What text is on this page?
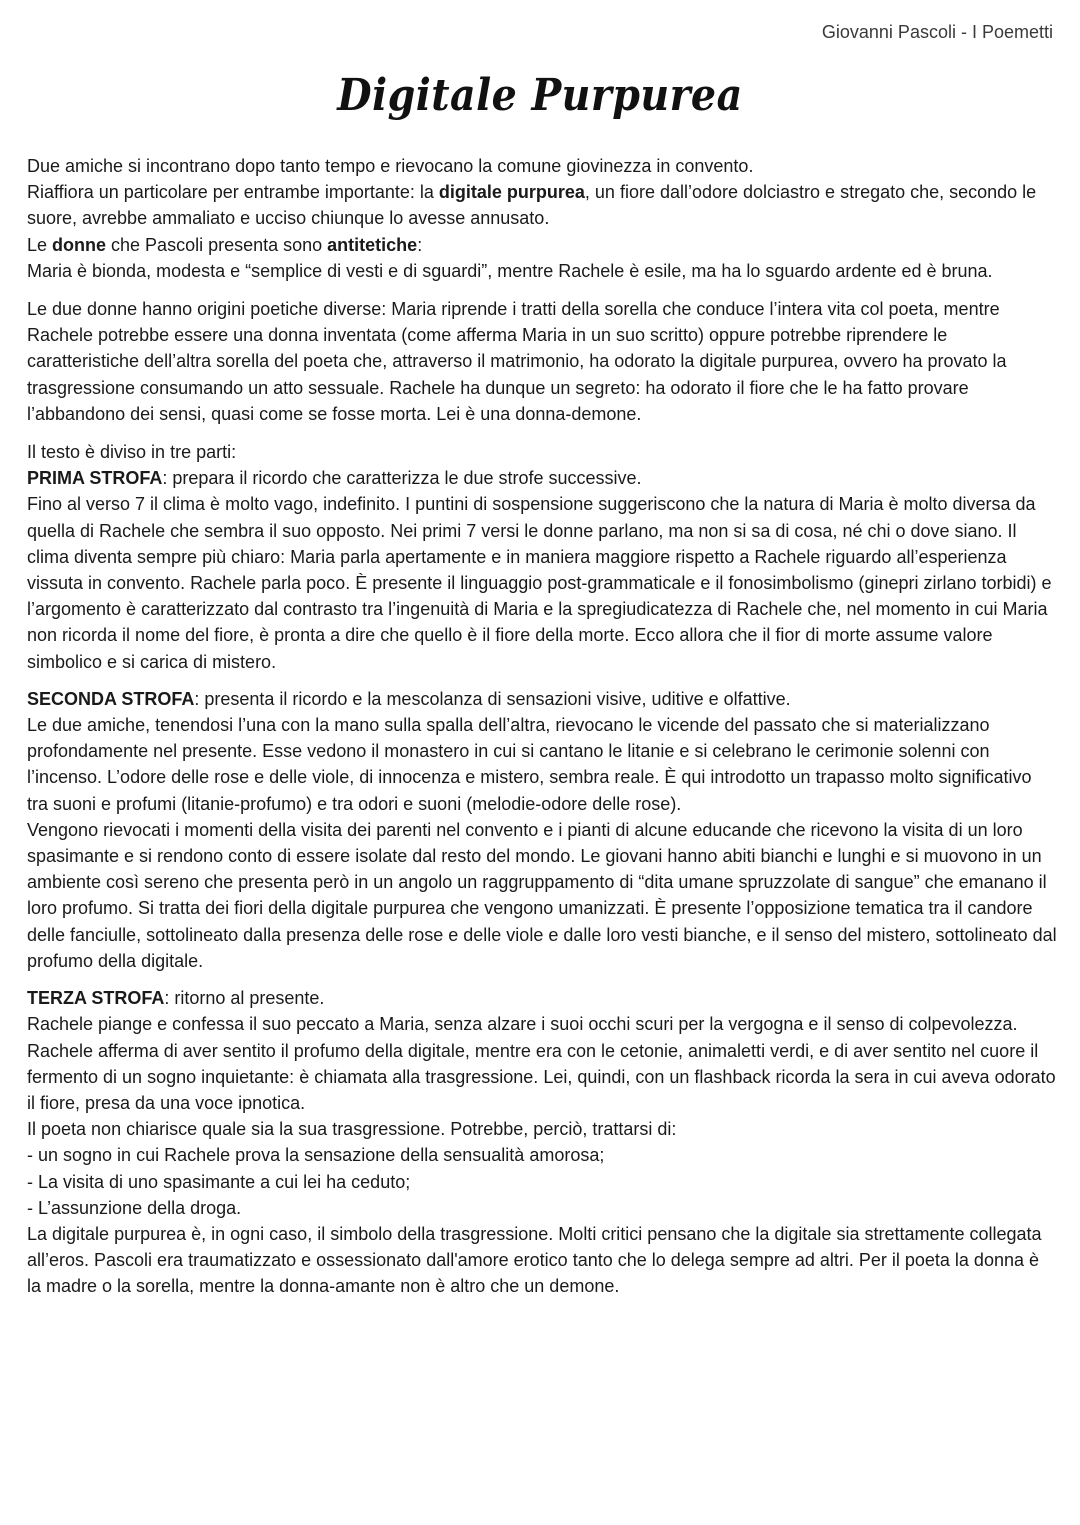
Giovanni Pascoli - I Poemetti
Digitale Purpurea

Due amiche si incontrano dopo tanto tempo e rievocano la comune giovinezza in convento.

Riaffiora un particolare per entrambe importante: la digitale purpurea, un fiore dall’odore dolciastro e stregato che, secondo le suore, avrebbe ammaliato e ucciso chiunque lo avesse annusato.

Le donne che Pascoli presenta sono antitetiche:

Maria è bionda, modesta e “semplice di vesti e di sguardi”, mentre Rachele è esile, ma ha lo sguardo ardente ed è bruna.

Le due donne hanno origini poetiche diverse: Maria riprende i tratti della sorella che conduce l’intera vita col poeta, mentre Rachele potrebbe essere una donna inventata (come afferma Maria in un suo scritto) oppure potrebbe riprendere le caratteristiche dell’altra sorella del poeta che, attraverso il matrimonio, ha odorato la digitale purpurea, ovvero ha provato la trasgressione consumando un atto sessuale. Rachele ha dunque un segreto: ha odorato il fiore che le ha fatto provare l’abbandono dei sensi, quasi come se fosse morta. Lei è una donna-demone.

Il testo è diviso in tre parti:

PRIMA STROFA: prepara il ricordo che caratterizza le due strofe successive.

Fino al verso 7 il clima è molto vago, indefinito. I puntini di sospensione suggeriscono che la natura di Maria è molto diversa da quella di Rachele che sembra il suo opposto. Nei primi 7 versi le donne parlano, ma non si sa di cosa, né chi o dove siano. Il clima diventa sempre più chiaro: Maria parla apertamente e in maniera maggiore rispetto a Rachele riguardo all’esperienza vissuta in convento. Rachele parla poco. È presente il linguaggio post-grammaticale e il fonosimbolismo (ginepri zirlano torbidi) e l’argomento è caratterizzato dal contrasto tra l’ingenuità di Maria e la spregiudicatezza di Rachele che, nel momento in cui Maria non ricorda il nome del fiore, è pronta a dire che quello è il fiore della morte. Ecco allora che il fior di morte assume valore simbolico e si carica di mistero.

SECONDA STROFA: presenta il ricordo e la mescolanza di sensazioni visive, uditive e olfattive.

Le due amiche, tenendosi l’una con la mano sulla spalla dell’altra, rievocano le vicende del passato che si materializzano profondamente nel presente. Esse vedono il monastero in cui si cantano le litanie e si celebrano le cerimonie solenni con l’incenso. L’odore delle rose e delle viole, di innocenza e mistero, sembra reale. È qui introdotto un trapasso molto significativo tra suoni e profumi (litanie-profumo) e tra odori e suoni (melodie-odore delle rose).

Vengono rievocati i momenti della visita dei parenti nel convento e i pianti di alcune educande che ricevono la visita di un loro spasimante e si rendono conto di essere isolate dal resto del mondo. Le giovani hanno abiti bianchi e lunghi e si muovono in un ambiente così sereno che presenta però in un angolo un raggruppamento di “dita umane spruzzolate di sangue” che emanano il loro profumo. Si tratta dei fiori della digitale purpurea che vengono umanizzati. È presente l’opposizione tematica tra il candore delle fanciulle, sottolineato dalla presenza delle rose e delle viole e dalle loro vesti bianche, e il senso del mistero, sottolineato dal profumo della digitale.

TERZA STROFA: ritorno al presente.

Rachele piange e confessa il suo peccato a Maria, senza alzare i suoi occhi scuri per la vergogna e il senso di colpevolezza. Rachele afferma di aver sentito il profumo della digitale, mentre era con le cetonie, animaletti verdi, e di aver sentito nel cuore il fermento di un sogno inquietante: è chiamata alla trasgressione. Lei, quindi, con un flashback ricorda la sera in cui aveva odorato il fiore, presa da una voce ipnotica.

Il poeta non chiarisce quale sia la sua trasgressione. Potrebbe, perciò, trattarsi di:

- un sogno in cui Rachele prova la sensazione della sensualità amorosa;

- La visita di uno spasimante a cui lei ha ceduto;

- L’assunzione della droga.

La digitale purpurea è, in ogni caso, il simbolo della trasgressione. Molti critici pensano che la digitale sia strettamente collegata all’eros. Pascoli era traumatizzato e ossessionato dall'amore erotico tanto che lo delega sempre ad altri. Per il poeta la donna è la madre o la sorella, mentre la donna-amante non è altro che un demone.
